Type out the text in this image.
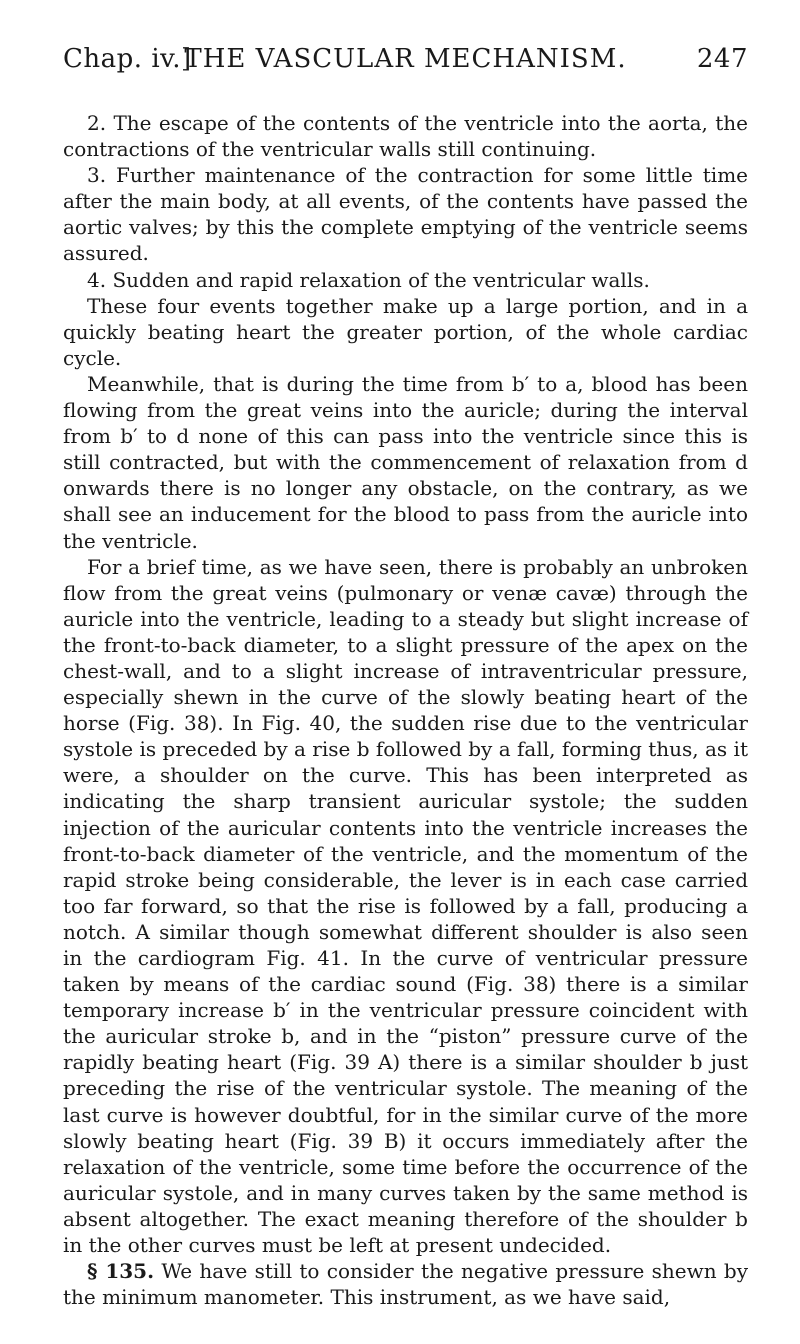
Chap. iv.]
THE VASCULAR MECHANISM.	247

2. The escape of the contents of the ventricle into the aorta, the contractions of the ventricular walls still continuing.

3. Further maintenance of the contraction for some little time after the main body, at all events, of the contents have passed the aortic valves; by this the complete emptying of the ventricle seems assured.

4. Sudden and rapid relaxation of the ventricular walls.

These four events together make up a large portion, and in a quickly beating heart the greater portion, of the whole cardiac cycle.

Meanwhile, that is during the time from b′ to a, blood has been flowing from the great veins into the auricle; during the interval from b′ to d none of this can pass into the ventricle since this is still contracted, but with the commencement of relaxation from d onwards there is no longer any obstacle, on the contrary, as we shall see an inducement for the blood to pass from the auricle into the ventricle.

For a brief time, as we have seen, there is probably an unbroken flow from the great veins (pulmonary or venæ cavæ) through the auricle into the ventricle, leading to a steady but slight increase of the front-to-back diameter, to a slight pressure of the apex on the chest-wall, and to a slight increase of intraventricular pressure, especially shewn in the curve of the slowly beating heart of the horse (Fig. 38). In Fig. 40, the sudden rise due to the ventricular systole is preceded by a rise b followed by a fall, forming thus, as it were, a shoulder on the curve. This has been interpreted as indicating the sharp transient auricular systole; the sudden injection of the auricular contents into the ventricle increases the front-to-back diameter of the ventricle, and the momentum of the rapid stroke being considerable, the lever is in each case carried too far forward, so that the rise is followed by a fall, producing a notch. A similar though somewhat different shoulder is also seen in the cardiogram Fig. 41. In the curve of ventricular pressure taken by means of the cardiac sound (Fig. 38) there is a similar temporary increase b′ in the ventricular pressure coincident with the auricular stroke b, and in the “piston” pressure curve of the rapidly beating heart (Fig. 39 A) there is a similar shoulder b just preceding the rise of the ventricular systole. The meaning of the last curve is however doubtful, for in the similar curve of the more slowly beating heart (Fig. 39 B) it occurs immediately after the relaxation of the ventricle, some time before the occurrence of the auricular systole, and in many curves taken by the same method is absent altogether. The exact meaning therefore of the shoulder b in the other curves must be left at present undecided.

§ 135. We have still to consider the negative pressure shewn by the minimum manometer. This instrument, as we have said,
